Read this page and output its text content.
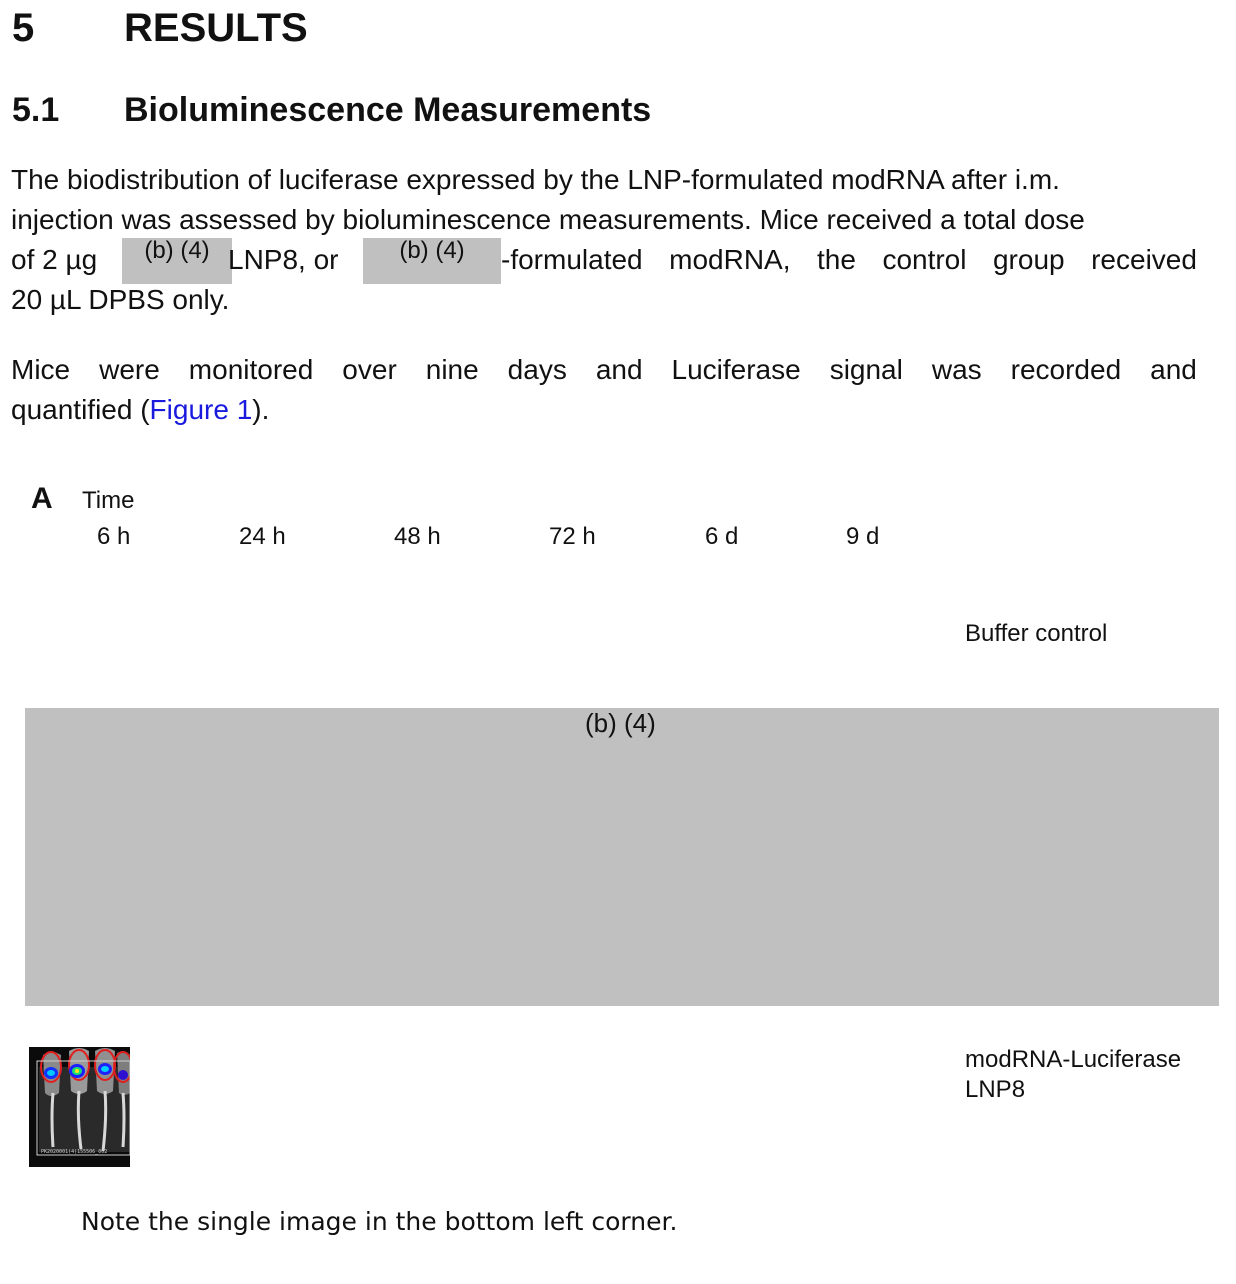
5 RESULTS
5.1 Bioluminescence Measurements
The biodistribution of luciferase expressed by the LNP-formulated modRNA after i.m.
injection was assessed by bioluminescence measurements. Mice received a total dose
of 2 µg	(b) (4) LNP8, or	(b) (4)	-formulated modRNA, the control group received
20 µL DPBS only.
Mice were monitored over nine days and Luciferase signal was recorded and
quantified (Figure 1).
A Time
6 h	24 h	48 h	72 h	6 d	9 d
Buffer control
(b) (4)
PK2020001(4)155506_002
modRNA-Luciferase
LNP8
Note the single image in the bottom left corner.
